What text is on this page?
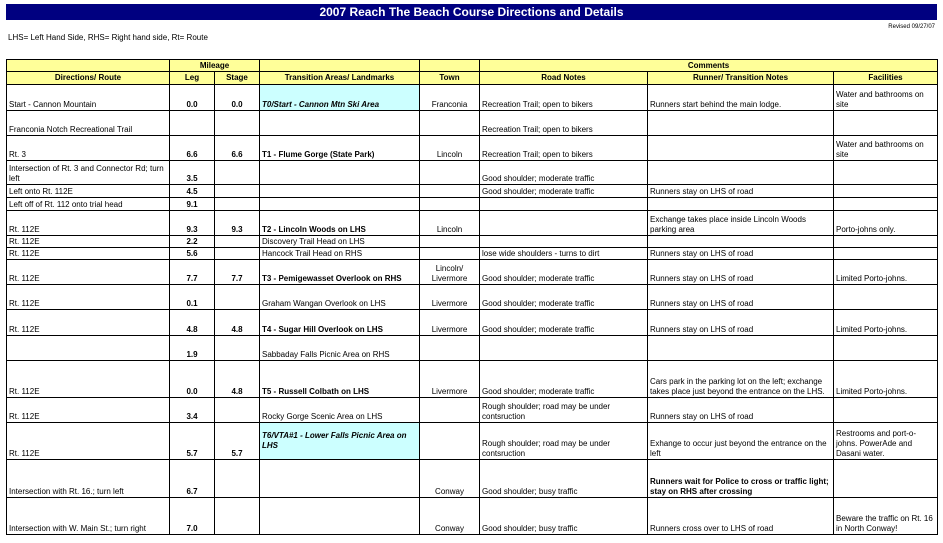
2007 Reach The Beach Course Directions and Details
Revised 09/27/07
LHS= Left Hand Side, RHS= Right hand side, Rt= Route
	Mileage				Comments		
Directions/ Route	Leg	Stage	Transition Areas/ Landmarks	Town	Road Notes	Runner/ Transition Notes	Facilities
Start - Cannon Mountain	0.0	0.0	T0/Start - Cannon Mtn Ski Area	Franconia	Recreation Trail; open to bikers	Runners start behind the main lodge.	Water and bathrooms on site
Franconia Notch Recreational Trail					Recreation Trail; open to bikers		
Rt. 3	6.6	6.6	T1 - Flume Gorge (State Park)	Lincoln	Recreation Trail; open to bikers		Water and bathrooms on site
Intersection of Rt. 3 and Connector Rd; turn left	3.5				Good shoulder; moderate traffic		
Left onto Rt. 112E	4.5				Good shoulder; moderate traffic	Runners stay on LHS of road	
Left off of Rt. 112 onto trial head	9.1						
Rt. 112E	9.3	9.3	T2 - Lincoln Woods on LHS	Lincoln		Exchange takes place inside Lincoln Woods parking area	Porto-johns only.
Rt. 112E	2.2		Discovery Trail Head on LHS				
Rt. 112E	5.6		Hancock Trail Head on RHS		lose wide shoulders - turns to dirt	Runners stay on LHS of road	
Rt. 112E	7.7	7.7	T3 - Pemigewasset Overlook on RHS	Lincoln/ Livermore	Good shoulder; moderate traffic	Runners stay on LHS of road	Limited Porto-johns.
Rt. 112E	0.1		Graham Wangan Overlook on LHS	Livermore	Good shoulder; moderate traffic	Runners stay on LHS of road	
Rt. 112E	4.8	4.8	T4 - Sugar Hill Overlook on LHS	Livermore	Good shoulder; moderate traffic	Runners stay on LHS of road	Limited Porto-johns.
	1.9		Sabbaday Falls Picnic Area on RHS				
Rt. 112E	0.0	4.8	T5 - Russell Colbath on LHS	Livermore	Good shoulder; moderate traffic	Cars park in the parking lot on the left; exchange takes place just beyond the entrance on the LHS.	Limited Porto-johns.
Rt. 112E	3.4		Rocky Gorge Scenic Area on LHS		Rough shoulder; road may be under contsruction	Runners stay on LHS of road	
Rt. 112E	5.7	5.7	T6/VTA#1 - Lower Falls Picnic Area on LHS		Rough shoulder; road may be under contsruction	Exhange to occur just beyond the entrance on the left	Restrooms and port-o-johns. PowerAde and Dasani water.
Intersection with Rt. 16.; turn left	6.7			Conway	Good shoulder; busy traffic	Runners wait for Police to cross or traffic light; stay on RHS after crossing	
Intersection with W. Main St.; turn right	7.0			Conway	Good shoulder; busy traffic	Runners cross over to LHS of road	Beware the traffic on Rt. 16 in North Conway!
